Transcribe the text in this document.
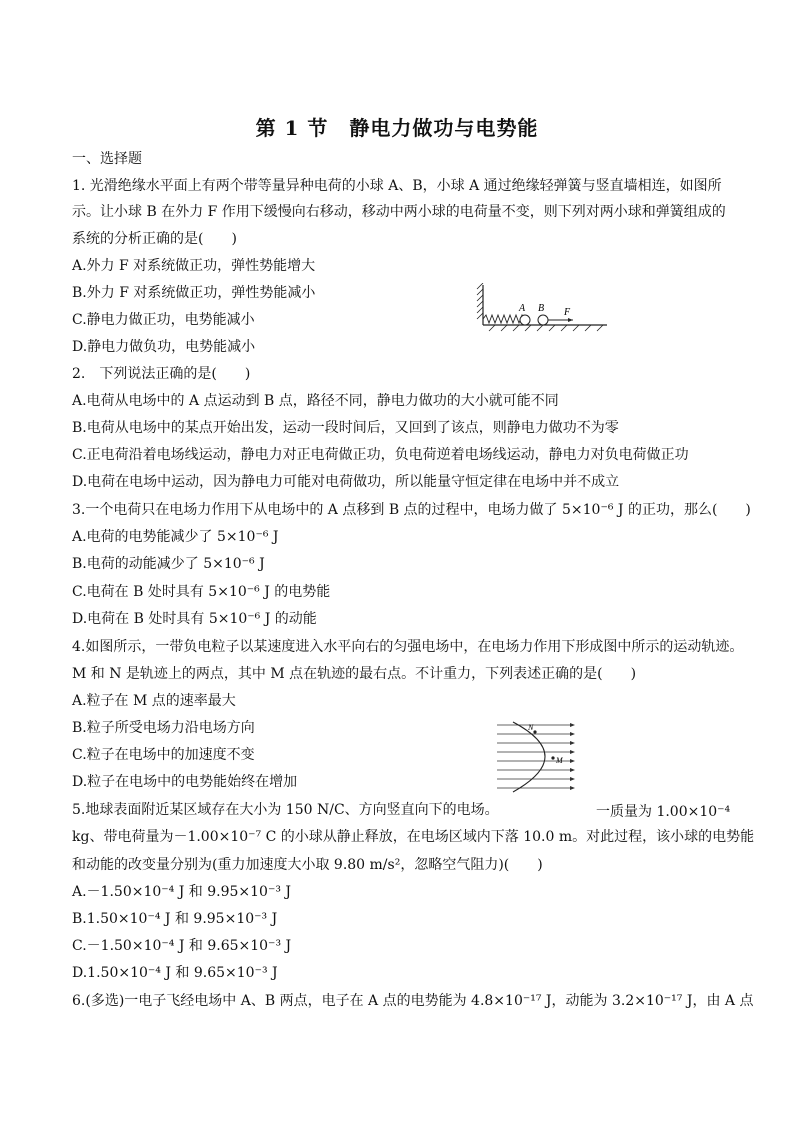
第 1 节　静电力做功与电势能
一、选择题
1. 光滑绝缘水平面上有两个带等量异种电荷的小球 A、B，小球 A 通过绝缘轻弹簧与竖直墙相连，如图所
示。让小球 B 在外力 F 作用下缓慢向右移动，移动中两小球的电荷量不变，则下列对两小球和弹簧组成的
系统的分析正确的是(　　)
A.外力 F 对系统做正功，弹性势能增大
B.外力 F 对系统做正功，弹性势能减小
C.静电力做正功，电势能减小
D.静电力做负功，电势能减小
A B F
2.　下列说法正确的是(　　)
A.电荷从电场中的 A 点运动到 B 点，路径不同，静电力做功的大小就可能不同
B.电荷从电场中的某点开始出发，运动一段时间后，又回到了该点，则静电力做功不为零
C.正电荷沿着电场线运动，静电力对正电荷做正功，负电荷逆着电场线运动，静电力对负电荷做正功
D.电荷在电场中运动，因为静电力可能对电荷做功，所以能量守恒定律在电场中并不成立
3.一个电荷只在电场力作用下从电场中的 A 点移到 B 点的过程中，电场力做了 5×10⁻⁶ J 的正功，那么(　　)
A.电荷的电势能减少了 5×10⁻⁶ J
B.电荷的动能减少了 5×10⁻⁶ J
C.电荷在 B 处时具有 5×10⁻⁶ J 的电势能
D.电荷在 B 处时具有 5×10⁻⁶ J 的动能
4.如图所示，一带负电粒子以某速度进入水平向右的匀强电场中，在电场力作用下形成图中所示的运动轨迹。
M 和 N 是轨迹上的两点，其中 M 点在轨迹的最右点。不计重力，下列表述正确的是(　　)
A.粒子在 M 点的速率最大
B.粒子所受电场力沿电场方向
C.粒子在电场中的加速度不变
D.粒子在电场中的电势能始终在增加
N
M
5.地球表面附近某区域存在大小为 150 N/C、方向竖直向下的电场。	一质量为 1.00×10⁻⁴
kg、带电荷量为－1.00×10⁻⁷ C 的小球从静止释放，在电场区域内下落 10.0 m。对此过程，该小球的电势能
和动能的改变量分别为(重力加速度大小取 9.80 m/s²，忽略空气阻力)(　　)
A.－1.50×10⁻⁴ J 和 9.95×10⁻³ J
B.1.50×10⁻⁴ J 和 9.95×10⁻³ J
C.－1.50×10⁻⁴ J 和 9.65×10⁻³ J
D.1.50×10⁻⁴ J 和 9.65×10⁻³ J
6.(多选)一电子飞经电场中 A、B 两点，电子在 A 点的电势能为 4.8×10⁻¹⁷ J，动能为 3.2×10⁻¹⁷ J，由 A 点
